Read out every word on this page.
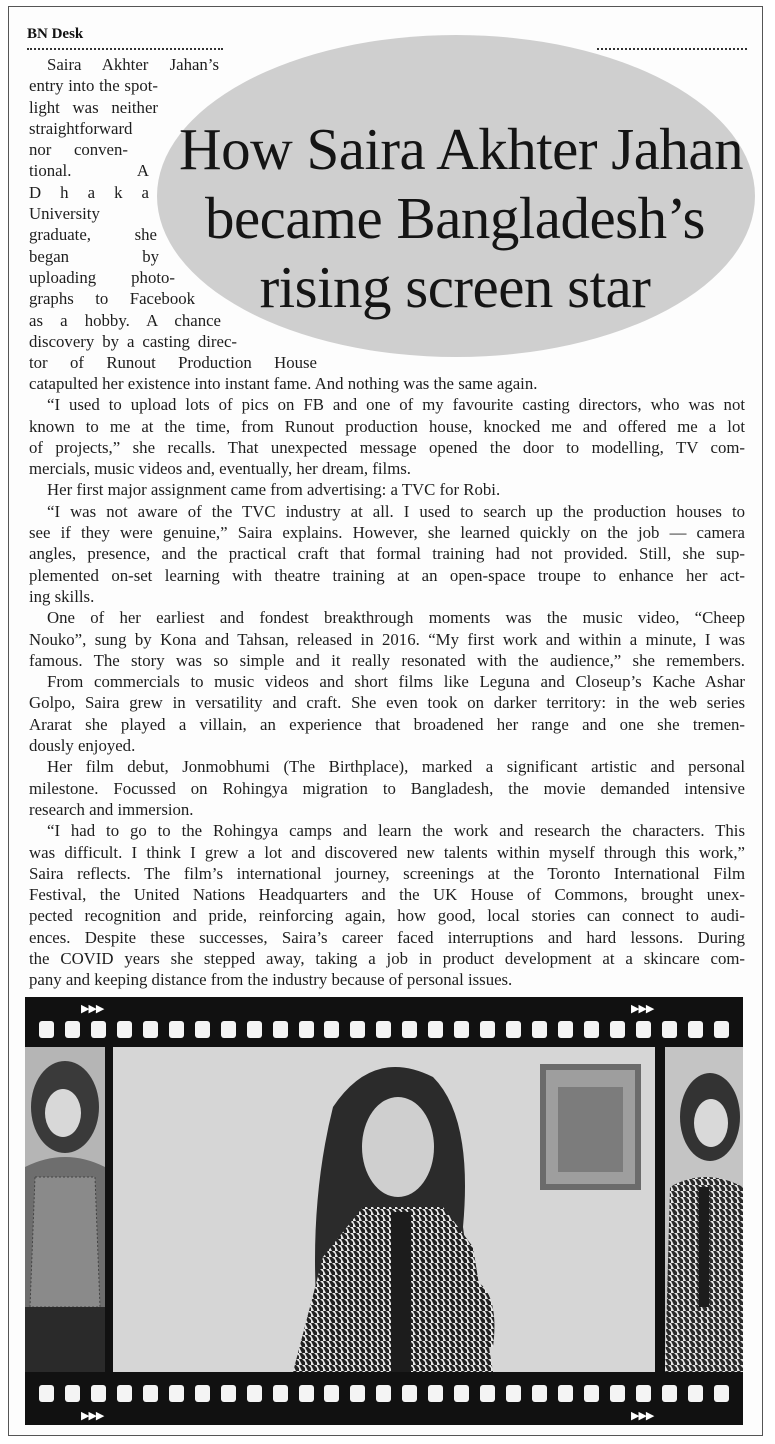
BN Desk
How Saira Akhter Jahan
became Bangladesh’s
rising screen star
Saira Akhter Jahan’s
entry into the spot-
light was neither
straightforward
nor conven-
tional. A
D h a k a
University
graduate, she
began by
uploading photo-
graphs to Facebook
as a hobby. A chance
discovery by a casting direc-
tor of Runout Production House
catapulted her existence into instant fame. And nothing was the same again.
“I used to upload lots of pics on FB and one of my favourite casting directors, who was not
known to me at the time, from Runout production house, knocked me and offered me a lot
of projects,” she recalls. That unexpected message opened the door to modelling, TV com-
mercials, music videos and, eventually, her dream, films.
Her first major assignment came from advertising: a TVC for Robi.
“I was not aware of the TVC industry at all. I used to search up the production houses to
see if they were genuine,” Saira explains. However, she learned quickly on the job — camera
angles, presence, and the practical craft that formal training had not provided. Still, she sup-
plemented on-set learning with theatre training at an open-space troupe to enhance her act-
ing skills.
One of her earliest and fondest breakthrough moments was the music video, “Cheep
Nouko”, sung by Kona and Tahsan, released in 2016. “My first work and within a minute, I was
famous. The story was so simple and it really resonated with the audience,” she remembers.
From commercials to music videos and short films like Leguna and Closeup’s Kache Ashar
Golpo, Saira grew in versatility and craft. She even took on darker territory: in the web series
Ararat she played a villain, an experience that broadened her range and one she tremen-
dously enjoyed.
Her film debut, Jonmobhumi (The Birthplace), marked a significant artistic and personal
milestone. Focussed on Rohingya migration to Bangladesh, the movie demanded intensive
research and immersion.
“I had to go to the Rohingya camps and learn the work and research the characters. This
was difficult. I think I grew a lot and discovered new talents within myself through this work,”
Saira reflects. The film’s international journey, screenings at the Toronto International Film
Festival, the United Nations Headquarters and the UK House of Commons, brought unex-
pected recognition and pride, reinforcing again, how good, local stories can connect to audi-
ences. Despite these successes, Saira’s career faced interruptions and hard lessons. During
the COVID years she stepped away, taking a job in product development at a skincare com-
pany and keeping distance from the industry because of personal issues.
▶▶▶	▶▶▶
▶▶▶	▶▶▶
